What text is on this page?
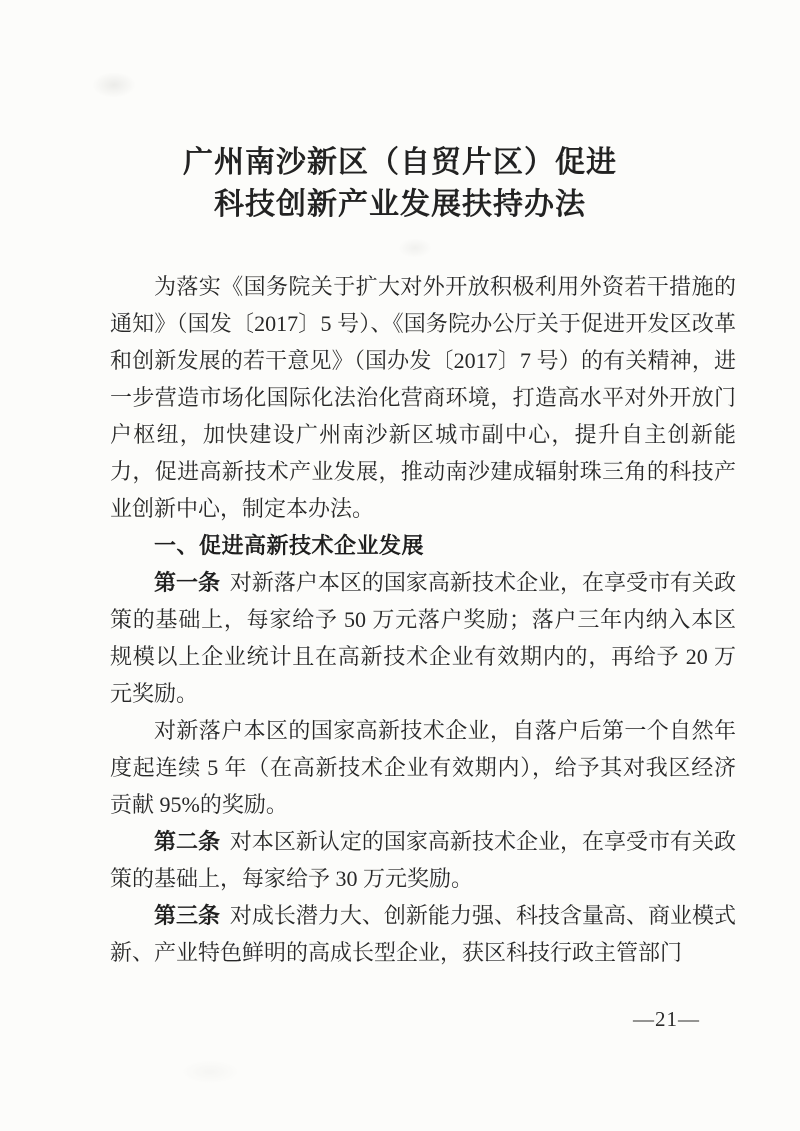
广州南沙新区（自贸片区）促进
科技创新产业发展扶持办法

为落实《国务院关于扩大对外开放积极利用外资若干措施的通知》（国发〔2017〕5 号）、《国务院办公厅关于促进开发区改革和创新发展的若干意见》（国办发〔2017〕7 号）的有关精神，进一步营造市场化国际化法治化营商环境，打造高水平对外开放门户枢纽，加快建设广州南沙新区城市副中心，提升自主创新能力，促进高新技术产业发展，推动南沙建成辐射珠三角的科技产业创新中心，制定本办法。

一、促进高新技术企业发展

第一条 对新落户本区的国家高新技术企业，在享受市有关政策的基础上，每家给予 50 万元落户奖励；落户三年内纳入本区规模以上企业统计且在高新技术企业有效期内的，再给予 20 万元奖励。

对新落户本区的国家高新技术企业，自落户后第一个自然年度起连续 5 年（在高新技术企业有效期内），给予其对我区经济贡献 95%的奖励。

第二条 对本区新认定的国家高新技术企业，在享受市有关政策的基础上，每家给予 30 万元奖励。

第三条 对成长潜力大、创新能力强、科技含量高、商业模式新、产业特色鲜明的高成长型企业，获区科技行政主管部门

—21—
